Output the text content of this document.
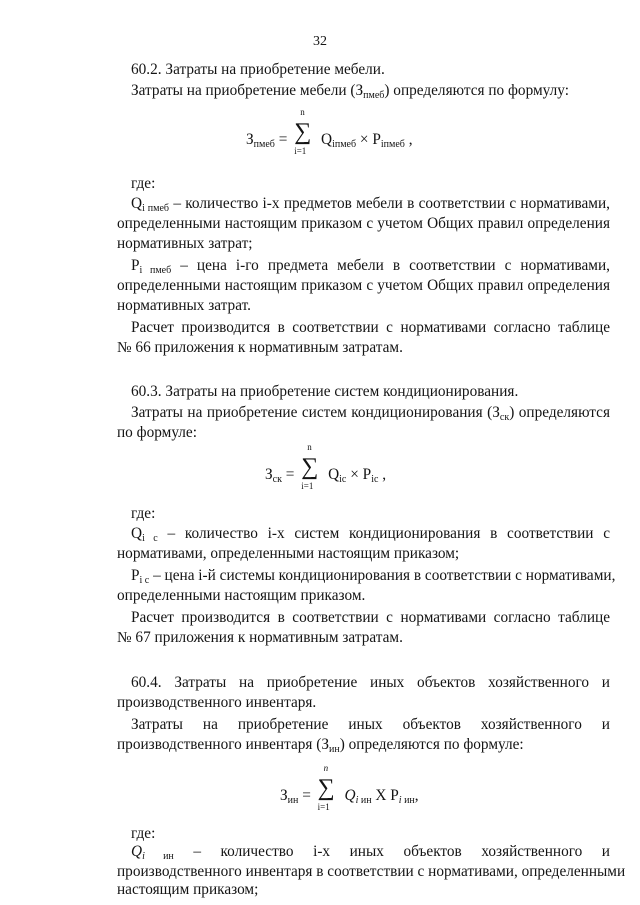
32
60.2. Затраты на приобретение мебели.
Затраты на приобретение мебели $(З_{пмеб})$ определяются по формулу:
$З_{пмеб}$ = ∑
n
i=1
$Q_{iпмеб} \times P_{iпмеб}$ ,
где:
$Q_{i пмеб}$ – количество i-х предметов мебели в соответствии с нормативами,
определенными настоящим приказом с учетом Общих правил определения
нормативных затрат;
$P_{i пмеб}$ – цена i-го предмета мебели в соответствии с нормативами,
определенными настоящим приказом с учетом Общих правил определения
нормативных затрат.
Расчет производится в соответствии с нормативами согласно таблице
№ 66 приложения к нормативным затратам.
60.3. Затраты на приобретение систем кондиционирования.
Затраты на приобретение систем кондиционирования $(З_{ск})$ определяются
по формуле:
$З_{ск}$ = ∑
n
i=1
$Q_{ic} \times P_{ic}$ ,
где:
$Q_{i с}$ – количество i-х систем кондиционирования в соответствии с
нормативами, определенными настоящим приказом;
$P_{i с}$ – цена i-й системы кондиционирования в соответствии с нормативами,
определенными настоящим приказом.
Расчет производится в соответствии с нормативами согласно таблице
№ 67 приложения к нормативным затратам.
60.4. Затраты на приобретение иных объектов хозяйственного и
производственного инвентаря.
Затраты на приобретение иных объектов хозяйственного и
производственного инвентаря $(З_{ин})$ определяются по формуле:
$З_{ин}$ = ∑
n
i=1
$Q_{i ин}$ X $P_{i ин}$,
где:
$Q_{i ин}$ – количество i-х иных объектов хозяйственного и
производственного инвентаря в соответствии с нормативами, определенными
настоящим приказом;
